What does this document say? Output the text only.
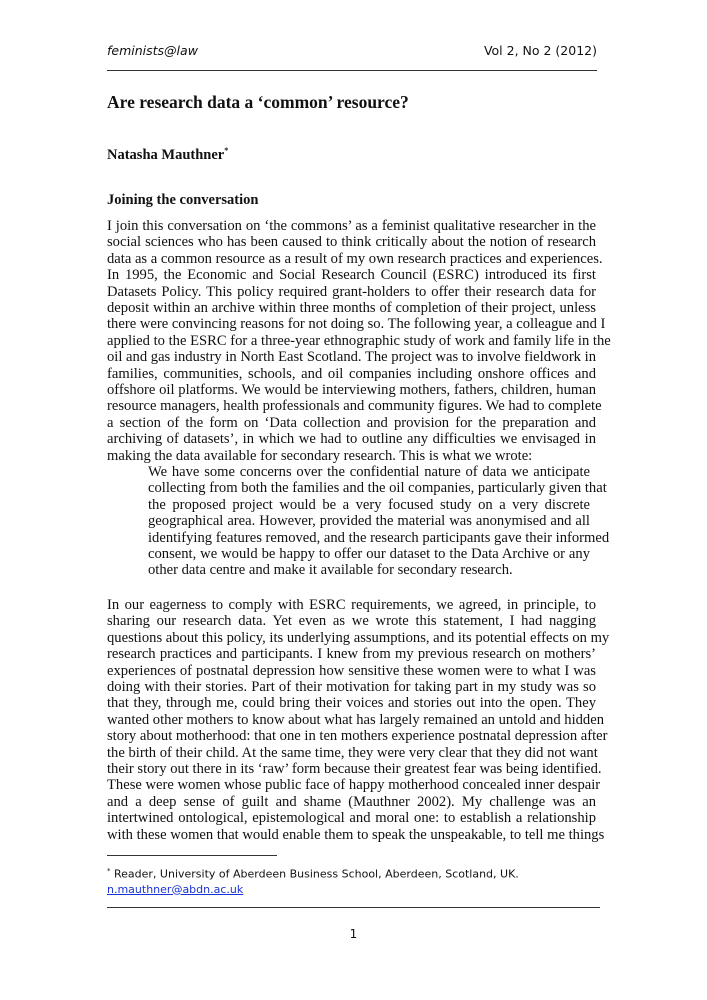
feminists@law	Vol 2, No 2 (2012)
Are research data a ‘common’ resource?
Natasha Mauthner*
Joining the conversation
I join this conversation on ‘the commons’ as a feminist qualitative researcher in the
social sciences who has been caused to think critically about the notion of research
data as a common resource as a result of my own research practices and experiences.
In 1995, the Economic and Social Research Council (ESRC) introduced its first
Datasets Policy. This policy required grant-holders to offer their research data for
deposit within an archive within three months of completion of their project, unless
there were convincing reasons for not doing so. The following year, a colleague and I
applied to the ESRC for a three-year ethnographic study of work and family life in the
oil and gas industry in North East Scotland. The project was to involve fieldwork in
families, communities, schools, and oil companies including onshore offices and
offshore oil platforms. We would be interviewing mothers, fathers, children, human
resource managers, health professionals and community figures. We had to complete
a section of the form on ‘Data collection and provision for the preparation and
archiving of datasets’, in which we had to outline any difficulties we envisaged in
making the data available for secondary research. This is what we wrote:
We have some concerns over the confidential nature of data we anticipate
collecting from both the families and the oil companies, particularly given that
the proposed project would be a very focused study on a very discrete
geographical area. However, provided the material was anonymised and all
identifying features removed, and the research participants gave their informed
consent, we would be happy to offer our dataset to the Data Archive or any
other data centre and make it available for secondary research.
In our eagerness to comply with ESRC requirements, we agreed, in principle, to
sharing our research data. Yet even as we wrote this statement, I had nagging
questions about this policy, its underlying assumptions, and its potential effects on my
research practices and participants. I knew from my previous research on mothers’
experiences of postnatal depression how sensitive these women were to what I was
doing with their stories. Part of their motivation for taking part in my study was so
that they, through me, could bring their voices and stories out into the open. They
wanted other mothers to know about what has largely remained an untold and hidden
story about motherhood: that one in ten mothers experience postnatal depression after
the birth of their child. At the same time, they were very clear that they did not want
their story out there in its ‘raw’ form because their greatest fear was being identified.
These were women whose public face of happy motherhood concealed inner despair
and a deep sense of guilt and shame (Mauthner 2002). My challenge was an
intertwined ontological, epistemological and moral one: to establish a relationship
with these women that would enable them to speak the unspeakable, to tell me things
* Reader, University of Aberdeen Business School, Aberdeen, Scotland, UK.
n.mauthner@abdn.ac.uk
1
